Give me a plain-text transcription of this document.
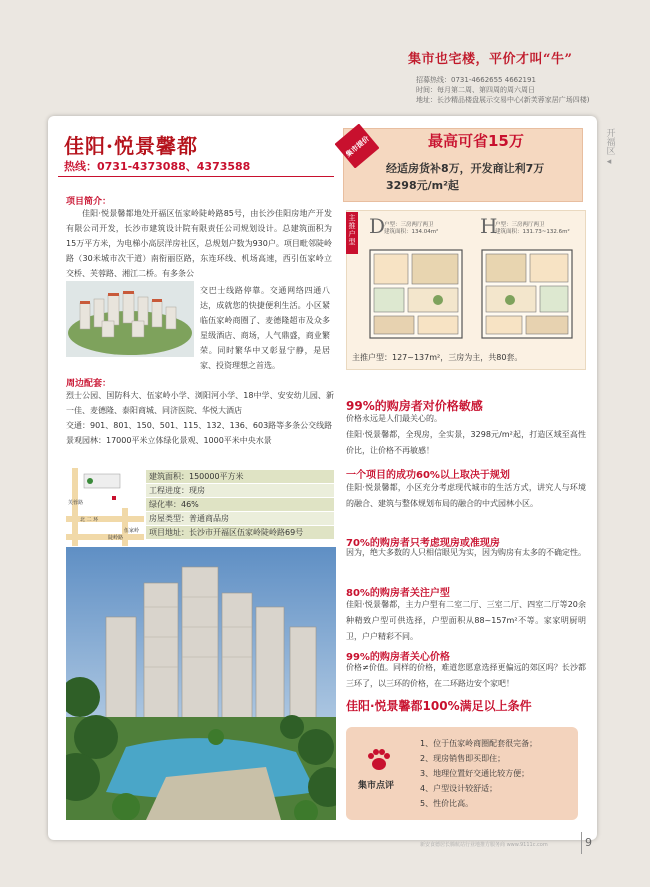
集市也宅楼，平价才叫“牛”
招募热线：0731-4662655 4662191
时间：每月第二周、第四周的周六周日
地址：长沙精品楼盘展示交易中心(新芙蓉家居广场四楼)
开福区
◂
佳阳·悦景馨都
热线：0731-4373088、4373588
项目简介：
佳阳·悦景馨都地处开福区伍家岭陡岭路85号，由长沙佳阳房地产开发有限公司开发，长沙市建筑设计院有限责任公司规划设计。总建筑面积为15万平方米，为电梯小高层洋房社区，总规划户数为930户。项目毗邻陡岭路（30米城市次干道）南衔丽臣路，东连环线、机场高速，西引伍家岭立交桥、芙蓉路、湘江二桥。有多条公
交巴士线路停靠。交通网络四通八达，成就您的快捷便利生活。小区紧临伍家岭商圈了、麦德隆超市及众多星级酒店、商场，人气鼎盛，商业繁荣。同时繁华中又彰显宁静，是居家、投资理想之首选。
周边配套：
烈士公园、国防科大、伍家岭小学、浏阳河小学、18中学、安安幼儿园、新一佳、麦德隆、泰阳商城、同济医院、华悦大酒店
交通：901、801、150、501、115、132、136、603路等多条公交线路
景观园林：17000平米立体绿化景观、1000平米中央水景
芙蓉路
北 二 环
陡岭路
伍家岭
建筑面积：150000平方米
工程进度：现房
绿化率：46%
房屋类型：普通商品房
项目地址：长沙市开福区伍家岭陡岭路69号
集市提价	最高可省15万
经适房货补8万，开发商让利7万
3298元/m²起
主推户型
D
户型：三房两厅两卫
建筑面积：134.04m² H
户型：三房两厅两卫
建筑面积：131.73~132.6m²
主推户型：127~137m²，三房为主，共80套。
99%的购房者对价格敏感
价格永远是人们最关心的。
佳阳·悦景馨都，全现房，全实景，3298元/m²起，打造区域至高性价比，让价格不再敏感！
一个项目的成功60%以上取决于规划
佳阳·悦景馨都，小区充分考虑现代城市的生活方式，讲究人与环境的融合、建筑与整体规划布局的融合的中式园林小区。
70%的购房者只考虑现房或准现房
因为，绝大多数的人只相信眼见为实，因为购房有太多的不确定性。
80%的购房者关注户型
佳阳·悦景馨都，主力户型有二室二厅、三室二厅、四室二厅等20余种精致户型可供选择，户型面积从88~157m²不等。家家明厨明卫，户户精彩不同。
99%的购房者关心价格
价格≠价值。同样的价格，难道您愿意选择更偏远的郊区吗？长沙都三环了，以三环的价格，在二环路边安个家吧！
佳阳·悦景馨都100%满足以上条件
集市点评
1、位于伍家岭商圈配套很完备；
2、现房销售即买即住；
3、地理位置好交通比较方便；
4、户型设计较舒适；
5、性价比高。
新安食德居长腾航站行业地推方服务商 www.9111c.com	9
